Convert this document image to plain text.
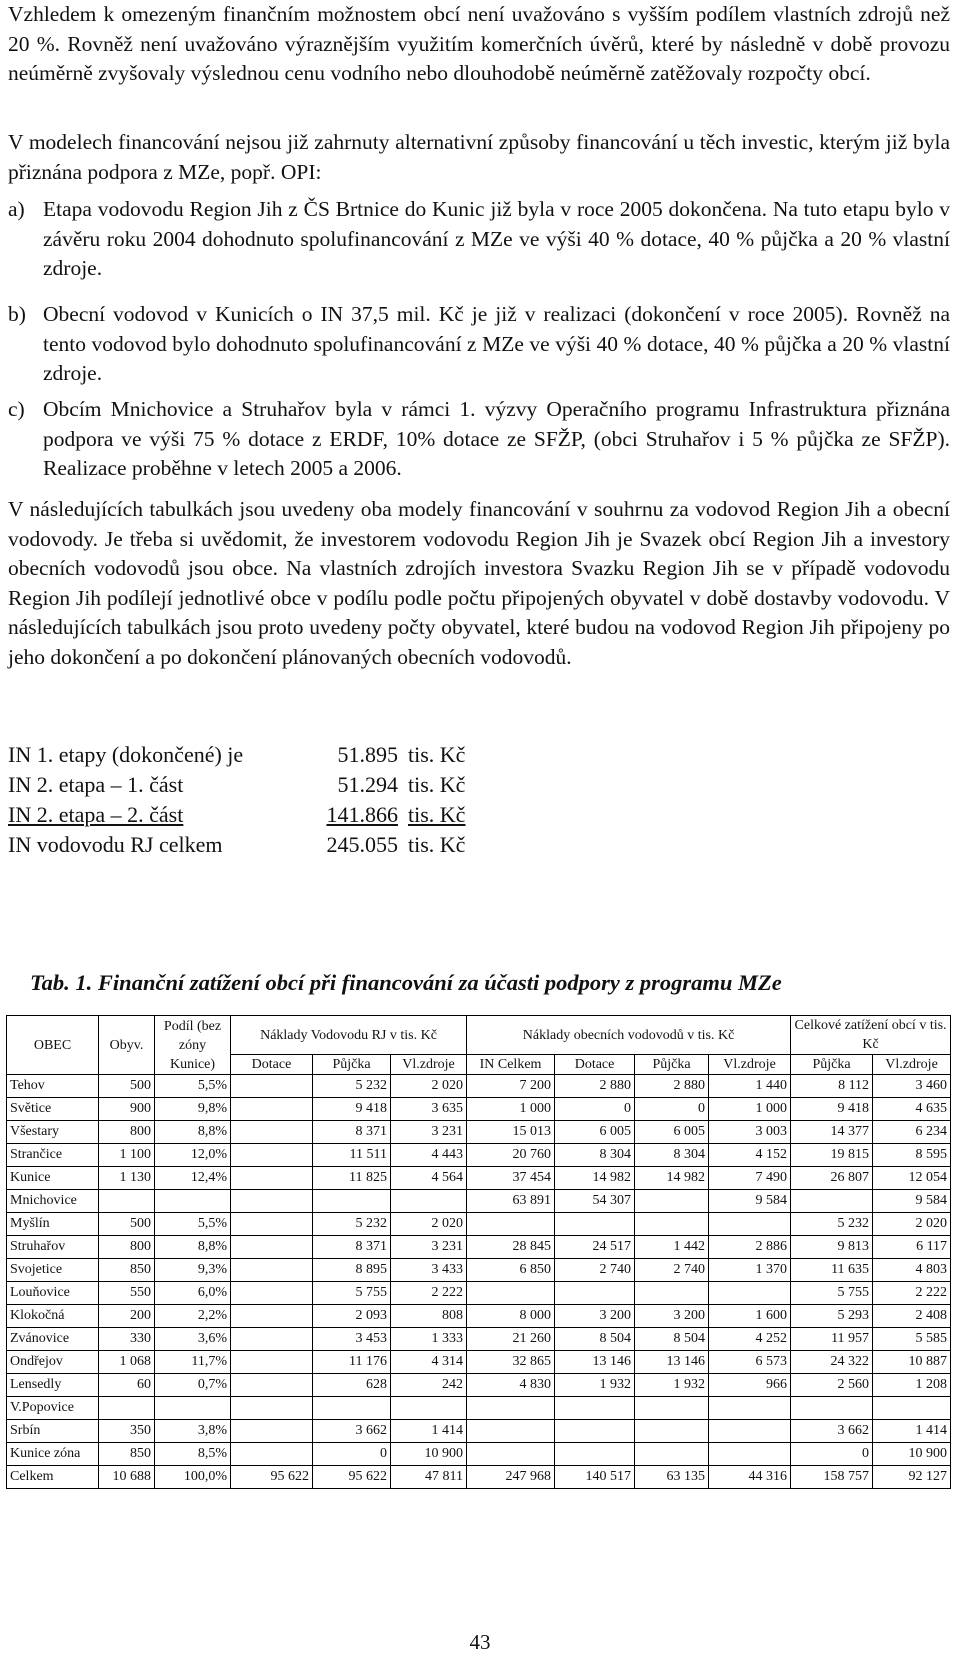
Vzhledem k omezeným finančním možnostem obcí není uvažováno s vyšším podílem vlastních zdrojů než 20 %. Rovněž není uvažováno výraznějším využitím komerčních úvěrů, které by následně v době provozu neúměrně zvyšovaly výslednou cenu vodního nebo dlouhodobě neúměrně zatěžovaly rozpočty obcí.

V modelech financování nejsou již zahrnuty alternativní způsoby financování u těch investic, kterým již byla přiznána podpora z MZe, popř. OPI:

a) Etapa vodovodu Region Jih z ČS Brtnice do Kunic již byla v roce 2005 dokončena. Na tuto etapu bylo v závěru roku 2004 dohodnuto spolufinancování z MZe ve výši 40 % dotace, 40 % půjčka a 20 % vlastní zdroje.
b) Obecní vodovod v Kunicích o IN 37,5 mil. Kč je již v realizaci (dokončení v roce 2005). Rovněž na tento vodovod bylo dohodnuto spolufinancování z MZe ve výši 40 % dotace, 40 % půjčka a 20 % vlastní zdroje.
c) Obcím Mnichovice a Struhařov byla v rámci 1. výzvy Operačního programu Infrastruktura přiznána podpora ve výši 75 % dotace z ERDF, 10% dotace ze SFŽP, (obci Struhařov i 5 % půjčka ze SFŽP). Realizace proběhne v letech 2005 a 2006.

V následujících tabulkách jsou uvedeny oba modely financování v souhrnu za vodovod Region Jih a obecní vodovody. Je třeba si uvědomit, že investorem vodovodu Region Jih je Svazek obcí Region Jih a investory obecních vodovodů jsou obce. Na vlastních zdrojích investora Svazku Region Jih se v případě vodovodu Region Jih podílejí jednotlivé obce v podílu podle počtu připojených obyvatel v době dostavby vodovodu. V následujících tabulkách jsou proto uvedeny počty obyvatel, které budou na vodovod Region Jih připojeny po jeho dokončení a po dokončení plánovaných obecních vodovodů.

IN 1. etapy (dokončené) je	51.895 tis. Kč
IN 2. etapa – 1. část	51.294 tis. Kč
IN 2. etapa – 2. část	141.866 tis. Kč
IN vodovodu RJ celkem	245.055 tis. Kč
Tab. 1. Finanční zatížení obcí při financování za účasti podpory z programu MZe
OBEC	Obyv.	Podíl (bez zóny Kunice)	Náklady Vodovodu RJ v tis. Kč			Náklady obecních vodovodů v tis. Kč				Celkové zatížení obcí v tis. Kč	
			Dotace	Půjčka	Vl.zdroje	IN Celkem	Dotace	Půjčka	Vl.zdroje	Půjčka	Vl.zdroje
Tehov	500	5,5%		5 232	2 020	7 200	2 880	2 880	1 440	8 112	3 460
Světice	900	9,8%		9 418	3 635	1 000	0	0	1 000	9 418	4 635
Všestary	800	8,8%		8 371	3 231	15 013	6 005	6 005	3 003	14 377	6 234
Strančice	1 100	12,0%		11 511	4 443	20 760	8 304	8 304	4 152	19 815	8 595
Kunice	1 130	12,4%		11 825	4 564	37 454	14 982	14 982	7 490	26 807	12 054
Mnichovice						63 891	54 307		9 584		9 584
Myšlín	500	5,5%		5 232	2 020					5 232	2 020
Struhařov	800	8,8%		8 371	3 231	28 845	24 517	1 442	2 886	9 813	6 117
Svojetice	850	9,3%		8 895	3 433	6 850	2 740	2 740	1 370	11 635	4 803
Louňovice	550	6,0%		5 755	2 222					5 755	2 222
Klokočná	200	2,2%		2 093	808	8 000	3 200	3 200	1 600	5 293	2 408
Zvánovice	330	3,6%		3 453	1 333	21 260	8 504	8 504	4 252	11 957	5 585
Ondřejov	1 068	11,7%		11 176	4 314	32 865	13 146	13 146	6 573	24 322	10 887
Lensedly	60	0,7%		628	242	4 830	1 932	1 932	966	2 560	1 208
V.Popovice											
Srbín	350	3,8%		3 662	1 414					3 662	1 414
Kunice zóna	850	8,5%		0	10 900					0	10 900
Celkem	10 688	100,0%	95 622	95 622	47 811	247 968	140 517	63 135	44 316	158 757	92 127
43
